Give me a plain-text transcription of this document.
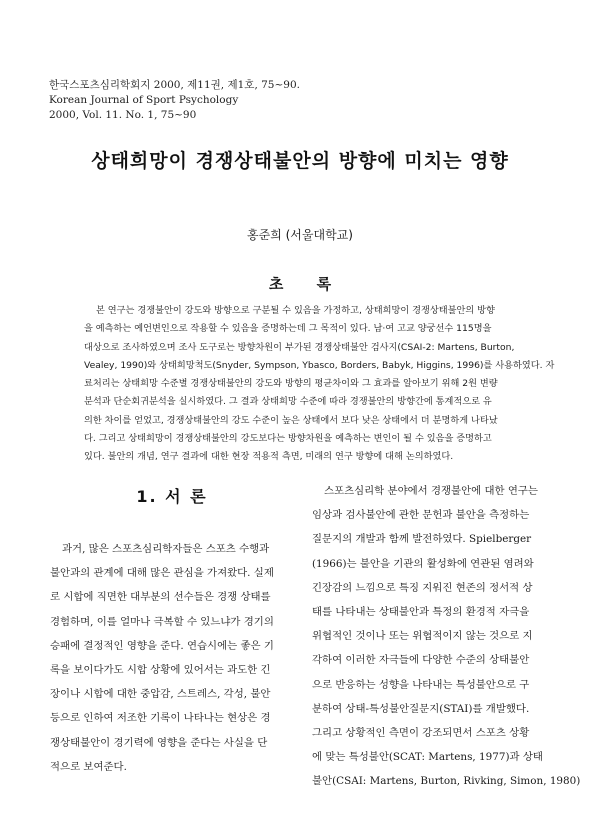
한국스포츠심리학회지 2000, 제11권, 제1호, 75~90.
Korean Journal of Sport Psychology
2000, Vol. 11. No. 1, 75~90
상태희망이 경쟁상태불안의 방향에 미치는 영향
홍준희 (서울대학교)
초 록
본 연구는 경쟁불안이 강도와 방향으로 구분될 수 있음을 가정하고, 상태희망이 경쟁상태불안의 방향
을 예측하는 예언변인으로 작용할 수 있음을 증명하는데 그 목적이 있다. 남·여 고교 양궁선수 115명을
대상으로 조사하였으며 조사 도구로는 방향차원이 부가된 경쟁상태불안 검사지(CSAI-2: Martens, Burton,
Vealey, 1990)와 상태희망척도(Snyder, Sympson, Ybasco, Borders, Babyk, Higgins, 1996)를 사용하였다. 자
료처리는 상태희망 수준별 경쟁상태불안의 강도와 방향의 평균차이와 그 효과를 알아보기 위해 2원 변량
분석과 단순회귀분석을 실시하였다. 그 결과 상태희망 수준에 따라 경쟁불안의 방향간에 통계적으로 유
의한 차이를 얻었고, 경쟁상태불안의 강도 수준이 높은 상태에서 보다 낮은 상태에서 더 분명하게 나타났
다. 그리고 상태희망이 경쟁상태불안의 강도보다는 방향차원을 예측하는 변인이 될 수 있음을 증명하고
있다. 불안의 개념, 연구 결과에 대한 현장 적용적 측면, 미래의 연구 방향에 대해 논의하였다.
1. 서 론
과거, 많은 스포츠심리학자들은 스포츠 수행과
불안과의 관계에 대해 많은 관심을 가져왔다. 실제
로 시합에 직면한 대부분의 선수들은 경쟁 상태를
경험하며, 이를 얼마나 극복할 수 있느냐가 경기의
승패에 결정적인 영향을 준다. 연습시에는 좋은 기
록을 보이다가도 시합 상황에 있어서는 과도한 긴
장이나 시합에 대한 중압감, 스트레스, 각성, 불안
등으로 인하여 저조한 기록이 나타나는 현상은 경
쟁상태불안이 경기력에 영향을 준다는 사실을 단
적으로 보여준다.
스포츠심리학 분야에서 경쟁불안에 대한 연구는
임상과 검사불안에 관한 문헌과 불안을 측정하는
질문지의 개발과 함께 발전하였다. Spielberger
(1966)는 불안을 기관의 활성화에 연관된 염려와
긴장감의 느낌으로 특징 지워진 현존의 정서적 상
태를 나타내는 상태불안과 특정의 환경적 자극을
위협적인 것이나 또는 위협적이지 않는 것으로 지
각하여 이러한 자극들에 다양한 수준의 상태불안
으로 반응하는 성향을 나타내는 특성불안으로 구
분하여 상태-특성불안질문지(STAI)를 개발했다.
그리고 상황적인 측면이 강조되면서 스포츠 상황
에 맞는 특성불안(SCAT: Martens, 1977)과 상태
불안(CSAI: Martens, Burton, Rivking, Simon, 1980)
